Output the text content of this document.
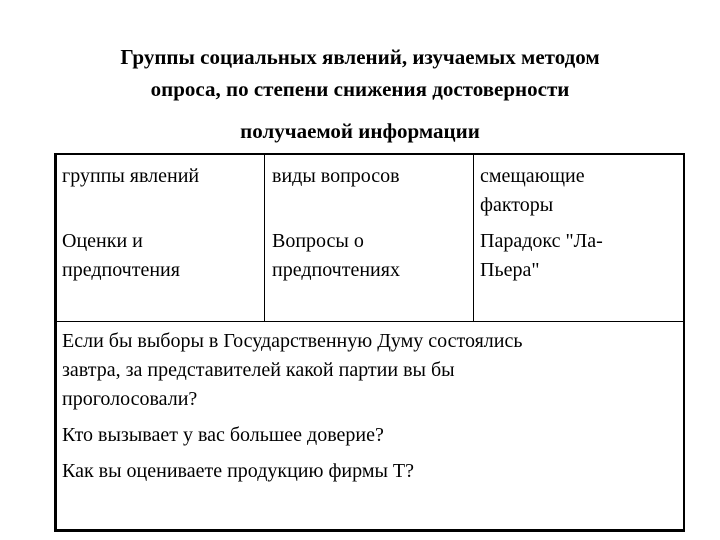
Группы социальных явлений, изучаемых методом
опроса, по степени снижения достоверности
получаемой информации
группы явлений	виды вопросов	смещающие
факторы
Оценки и
предпочтения
Вопросы о
предпочтениях
Парадокс "Ла-
Пьера"
Если бы выборы в Государственную Думу состоялись
завтра, за представителей какой партии вы бы
проголосовали?
Кто вызывает у вас большее доверие?
Как вы оцениваете продукцию фирмы Т?
